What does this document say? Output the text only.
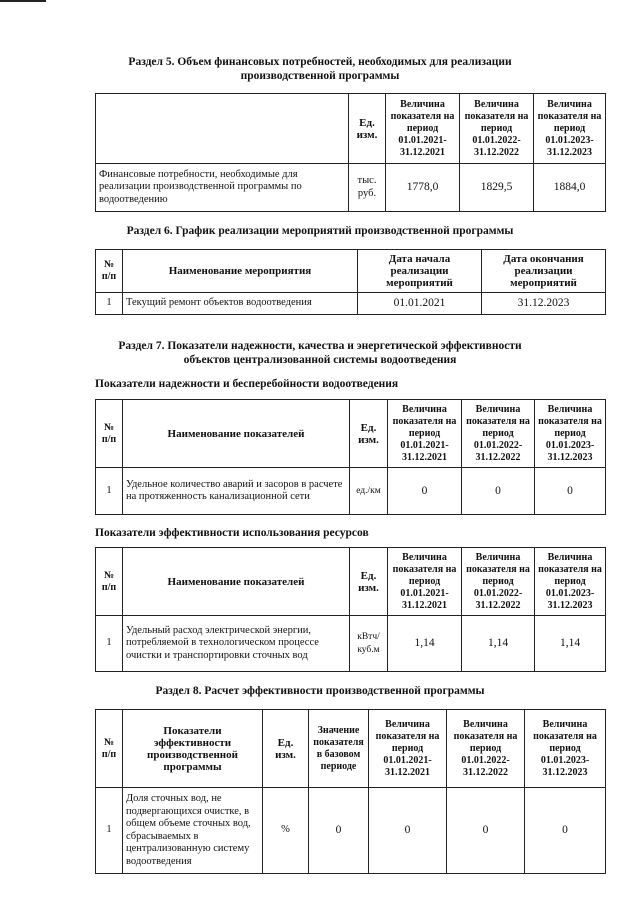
Раздел 5. Объем финансовых потребностей, необходимых для реализации
производственной программы
	Ед. изм.	Величина показателя на период 01.01.2021-31.12.2021	Величина показателя на период 01.01.2022-31.12.2022	Величина показателя на период 01.01.2023-31.12.2023
Финансовые потребности, необходимые для реализации производственной программы по водоотведению	тыс. руб.	1778,0	1829,5	1884,0
Раздел 6. График реализации мероприятий производственной программы
№ п/п	Наименование мероприятия	Дата начала реализации мероприятий	Дата окончания реализации мероприятий
1	Текущий ремонт объектов водоотведения	01.01.2021	31.12.2023
Раздел 7. Показатели надежности, качества и энергетической эффективности
объектов централизованной системы водоотведения
Показатели надежности и бесперебойности водоотведения
№ п/п	Наименование показателей	Ед. изм.	Величина показателя на период 01.01.2021-31.12.2021	Величина показателя на период 01.01.2022-31.12.2022	Величина показателя на период 01.01.2023-31.12.2023
1	Удельное количество аварий и засоров в расчете на протяженность канализационной сети	ед./км	0	0	0
Показатели эффективности использования ресурсов
№ п/п	Наименование показателей	Ед. изм.	Величина показателя на период 01.01.2021-31.12.2021	Величина показателя на период 01.01.2022-31.12.2022	Величина показателя на период 01.01.2023-31.12.2023
1	Удельный расход электрической энергии, потребляемой в технологическом процессе очистки и транспортировки сточных вод	кВтч/ куб.м	1,14	1,14	1,14
Раздел 8. Расчет эффективности производственной программы
№ п/п	Показатели эффективности производственной программы	Ед. изм.	Значение показателя в базовом периоде	Величина показателя на период 01.01.2021-31.12.2021	Величина показателя на период 01.01.2022-31.12.2022	Величина показателя на период 01.01.2023-31.12.2023
1	Доля сточных вод, не подвергающихся очистке, в общем объеме сточных вод, сбрасываемых в централизованную систему водоотведения	%	0	0	0	0
